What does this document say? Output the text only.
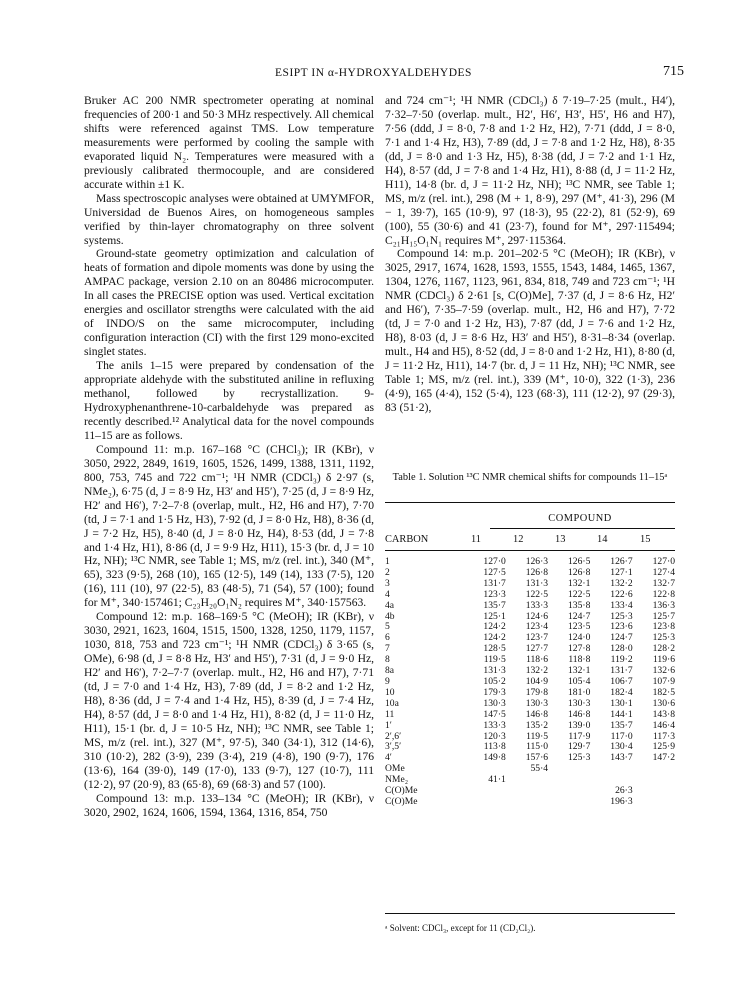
ESIPT IN α-HYDROXYALDEHYDES	715

Bruker AC 200 NMR spectrometer operating at nominal frequencies of 200·1 and 50·3 MHz respectively. All chemical shifts were referenced against TMS. Low temperature measurements were performed by cooling the sample with evaporated liquid N₂. Temperatures were measured with a previously calibrated thermocouple, and are considered accurate within ±1 K.

Mass spectroscopic analyses were obtained at UMYMFOR, Universidad de Buenos Aires, on homogeneous samples verified by thin-layer chromatography on three solvent systems.

Ground-state geometry optimization and calculation of heats of formation and dipole moments was done by using the AMPAC package, version 2.10 on an 80486 microcomputer. In all cases the PRECISE option was used. Vertical excitation energies and oscillator strengths were calculated with the aid of INDO/S on the same microcomputer, including configuration interaction (CI) with the first 129 mono-excited singlet states.

The anils 1–15 were prepared by condensation of the appropriate aldehyde with the substituted aniline in refluxing methanol, followed by recrystallization. 9-Hydroxyphenanthrene-10-carbaldehyde was prepared as recently described.¹² Analytical data for the novel compounds 11–15 are as follows.

Compound 11: m.p. 167–168 °C (CHCl₃); IR (KBr), ν 3050, 2922, 2849, 1619, 1605, 1526, 1499, 1388, 1311, 1192, 800, 753, 745 and 722 cm⁻¹; ¹H NMR (CDCl₃) δ 2·97 (s, NMe₂), 6·75 (d, J = 8·9 Hz, H3′ and H5′), 7·25 (d, J = 8·9 Hz, H2′ and H6′), 7·2–7·8 (overlap, mult., H2, H6 and H7), 7·70 (td, J = 7·1 and 1·5 Hz, H3), 7·92 (d, J = 8·0 Hz, H8), 8·36 (d, J = 7·2 Hz, H5), 8·40 (d, J = 8·0 Hz, H4), 8·53 (dd, J = 7·8 and 1·4 Hz, H1), 8·86 (d, J = 9·9 Hz, H11), 15·3 (br. d, J = 10 Hz, NH); ¹³C NMR, see Table 1; MS, m/z (rel. int.), 340 (M⁺, 65), 323 (9·5), 268 (10), 165 (12·5), 149 (14), 133 (7·5), 120 (16), 111 (10), 97 (22·5), 83 (48·5), 71 (54), 57 (100); found for M⁺, 340·157461; C₂₃H₂₀O₁N₂ requires M⁺, 340·157563.

Compound 12: m.p. 168–169·5 °C (MeOH); IR (KBr), ν 3030, 2921, 1623, 1604, 1515, 1500, 1328, 1250, 1179, 1157, 1030, 818, 753 and 723 cm⁻¹; ¹H NMR (CDCl₃) δ 3·65 (s, OMe), 6·98 (d, J = 8·8 Hz, H3′ and H5′), 7·31 (d, J = 9·0 Hz, H2′ and H6′), 7·2–7·7 (overlap. mult., H2, H6 and H7), 7·71 (td, J = 7·0 and 1·4 Hz, H3), 7·89 (dd, J = 8·2 and 1·2 Hz, H8), 8·36 (dd, J = 7·4 and 1·4 Hz, H5), 8·39 (d, J = 7·4 Hz, H4), 8·57 (dd, J = 8·0 and 1·4 Hz, H1), 8·82 (d, J = 11·0 Hz, H11), 15·1 (br. d, J = 10·5 Hz, NH); ¹³C NMR, see Table 1; MS, m/z (rel. int.), 327 (M⁺, 97·5), 340 (34·1), 312 (14·6), 310 (10·2), 282 (3·9), 239 (3·4), 219 (4·8), 190 (9·7), 176 (13·6), 164 (39·0), 149 (17·0), 133 (9·7), 127 (10·7), 111 (12·2), 97 (20·9), 83 (65·8), 69 (68·3) and 57 (100).

Compound 13: m.p. 133–134 °C (MeOH); IR (KBr), ν 3020, 2902, 1624, 1606, 1594, 1364, 1316, 854, 750

and 724 cm⁻¹; ¹H NMR (CDCl₃) δ 7·19–7·25 (mult., H4′), 7·32–7·50 (overlap. mult., H2′, H6′, H3′, H5′, H6 and H7), 7·56 (ddd, J = 8·0, 7·8 and 1·2 Hz, H2), 7·71 (ddd, J = 8·0, 7·1 and 1·4 Hz, H3), 7·89 (dd, J = 7·8 and 1·2 Hz, H8), 8·35 (dd, J = 8·0 and 1·3 Hz, H5), 8·38 (dd, J = 7·2 and 1·1 Hz, H4), 8·57 (dd, J = 7·8 and 1·4 Hz, H1), 8·88 (d, J = 11·2 Hz, H11), 14·8 (br. d, J = 11·2 Hz, NH); ¹³C NMR, see Table 1; MS, m/z (rel. int.), 298 (M + 1, 8·9), 297 (M⁺, 41·3), 296 (M − 1, 39·7), 165 (10·9), 97 (18·3), 95 (22·2), 81 (52·9), 69 (100), 55 (30·6) and 41 (23·7), found for M⁺, 297·115494; C₂₁H₁₅O₁N₁ requires M⁺, 297·115364.

Compound 14: m.p. 201–202·5 °C (MeOH); IR (KBr), ν 3025, 2917, 1674, 1628, 1593, 1555, 1543, 1484, 1465, 1367, 1304, 1276, 1167, 1123, 961, 834, 818, 749 and 723 cm⁻¹; ¹H NMR (CDCl₃) δ 2·61 [s, C(O)Me], 7·37 (d, J = 8·6 Hz, H2′ and H6′), 7·35–7·59 (overlap. mult., H2, H6 and H7), 7·72 (td, J = 7·0 and 1·2 Hz, H3), 7·87 (dd, J = 7·6 and 1·2 Hz, H8), 8·03 (d, J = 8·6 Hz, H3′ and H5′), 8·31–8·34 (overlap. mult., H4 and H5), 8·52 (dd, J = 8·0 and 1·2 Hz, H1), 8·80 (d, J = 11·2 Hz, H11), 14·7 (br. d, J = 11 Hz, NH); ¹³C NMR, see Table 1; MS, m/z (rel. int.), 339 (M⁺, 10·0), 322 (1·3), 236 (4·9), 165 (4·4), 152 (5·4), 123 (68·3), 111 (12·2), 97 (29·3), 83 (51·2),

Table 1. Solution ¹³C NMR chemical shifts for compounds 11–15ᵃ
COMPOUND
CARBON	11	12	13	14	15
1	127·0	126·3	126·5	126·7	127·0
2	127·5	126·8	126·8	127·1	127·4
3	131·7	131·3	132·1	132·2	132·7
4	123·3	122·5	122·5	122·6	122·8
4a	135·7	133·3	135·8	133·4	136·3
4b	125·1	124·6	124·7	125·3	125·7
5	124·2	123·4	123·5	123·6	123·8
6	124·2	123·7	124·0	124·7	125·3
7	128·5	127·7	127·8	128·0	128·2
8	119·5	118·6	118·8	119·2	119·6
8a	131·3	132·2	132·1	131·7	132·6
9	105·2	104·9	105·4	106·7	107·9
10	179·3	179·8	181·0	182·4	182·5
10a	130·3	130·3	130·3	130·1	130·6
11	147·5	146·8	146·8	144·1	143·8
1′	133·3	135·2	139·0	135·7	146·4
2′,6′	120·3	119·5	117·9	117·0	117·3
3′,5′	113·8	115·0	129·7	130·4	125·9
4′	149·8	157·6	125·3	143·7	147·2
OMe		55·4			
NMe₂	41·1				
C(O)Me				26·3	
C(O)Me				196·3	
ᵃ Solvent: CDCl₃, except for 11 (CD₂Cl₂).
